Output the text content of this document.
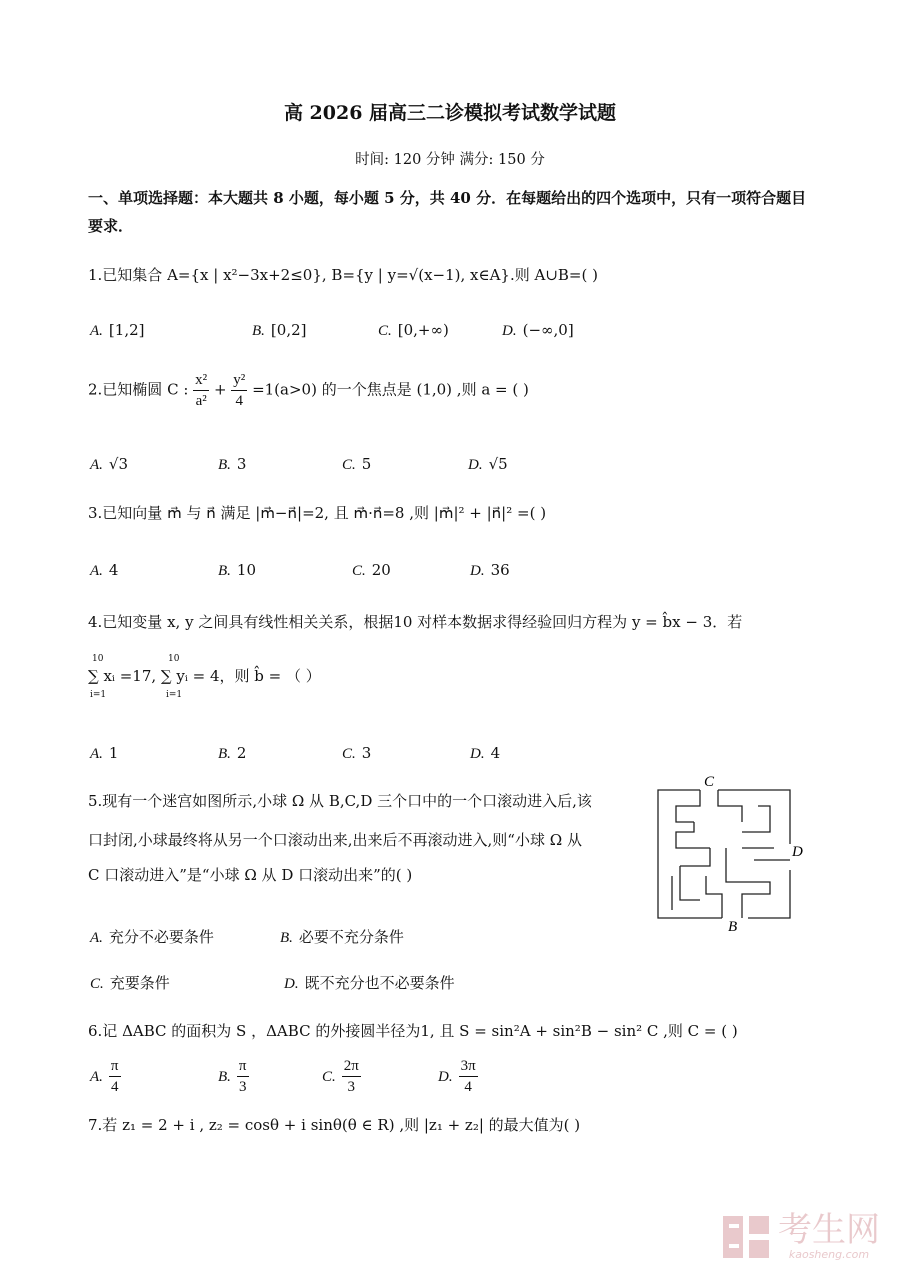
高 2026 届高三二诊模拟考试数学试题
时间: 120 分钟 满分: 150 分
一、单项选择题：本大题共 8 小题，每小题 5 分，共 40 分．在每题给出的四个选项中，只有一项符合题目要求．
1.已知集合 A={x | x²−3x+2≤0}, B={y | y=√(x−1), x∈A}.则 A∪B=( )
A. [1,2]	B. [0,2]	C. [0,+∞)	D. (−∞,0]
2.已知椭圆 C : $\frac{\text{x²}}{\text{a²}} + \frac{\text{y²}}{4} =1(a>0)$ 的一个焦点是 (1,0) ,则 a = ( )
A. √3	B. 3	C. 5	D. √5
3.已知向量 m⃗ 与 n⃗ 满足 |m⃗−n⃗|=2, 且 m⃗·n⃗=8 ,则 |m⃗|² + |n⃗|² =( )
A. 4	B. 10	C. 20	D. 36
4.已知变量 x, y 之间具有线性相关关系，根据10 对样本数据求得经验回归方程为 y = b̂x − 3．若
∑ xᵢ =17, ∑ yᵢ = 4，则 b̂ = （ ）
10
i=1
10
i=1
A. 1	B. 2	C. 3	D. 4
5.现有一个迷宫如图所示,小球 Ω 从 B,C,D 三个口中的一个口滚动进入后,该
口封闭,小球最终将从另一个口滚动出来,出来后不再滚动进入,则“小球 Ω 从
C 口滚动进入”是“小球 Ω 从 D 口滚动出来”的( )
C
D
B
A. 充分不必要条件	B. 必要不充分条件
C. 充要条件	D. 既不充分也不必要条件
6.记 ΔABC 的面积为 S ，ΔABC 的外接圆半径为1, 且 S = sin²A + sin²B − sin² C ,则 C = ( )
A. $\frac{\pi}{4}$	B. $\frac{\pi}{3}$	C. $\frac{2\pi}{3}$	D. $\frac{3\pi}{4}$
7.若 z₁ = 2 + i , z₂ = cosθ + i sinθ(θ ∈ R) ,则 |z₁ + z₂| 的最大值为( )

考生网
kaosheng.com
